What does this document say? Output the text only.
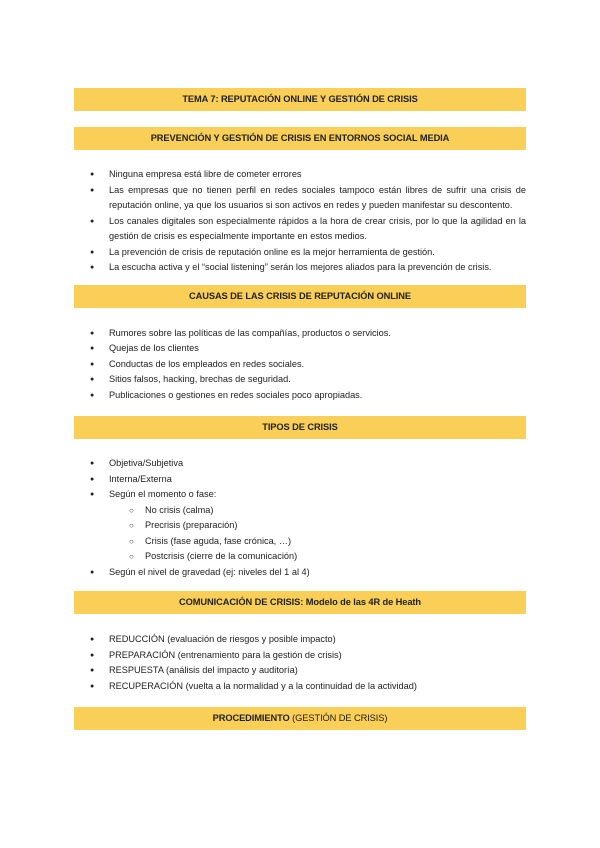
TEMA 7: REPUTACIÓN ONLINE Y GESTIÓN DE CRISIS
PREVENCIÓN Y GESTIÓN DE CRISIS EN ENTORNOS SOCIAL MEDIA
● Ninguna empresa está libre de cometer errores
● Las empresas que no tienen perfil en redes sociales tampoco están libres de sufrir una crisis de reputación online, ya que los usuarios si son activos en redes y pueden manifestar su descontento.
● Los canales digitales son especialmente rápidos a la hora de crear crisis, por lo que la agilidad en la gestión de crisis es especialmente importante en estos medios.
● La prevención de crisis de reputación online es la mejor herramienta de gestión.
● La escucha activa y el “social listening” serán los mejores aliados para la prevención de crisis.
CAUSAS DE LAS CRISIS DE REPUTACIÓN ONLINE
● Rumores sobre las políticas de las compañías, productos o servicios.
● Quejas de los clientes
● Conductas de los empleados en redes sociales.
● Sitios falsos, hacking, brechas de seguridad.
● Publicaciones o gestiones en redes sociales poco apropiadas.
TIPOS DE CRISIS
● Objetiva/Subjetiva
● Interna/Externa
● Según el momento o fase:
○ No crisis (calma)
○ Precrisis (preparación)
○ Crisis (fase aguda, fase crónica, …)
○ Postcrisis (cierre de la comunicación)
● Según el nivel de gravedad (ej: niveles del 1 al 4)
COMUNICACIÓN DE CRISIS: Modelo de las 4R de Heath
● REDUCCIÓN (evaluación de riesgos y posible impacto)
● PREPARACIÓN (entrenamiento para la gestión de crisis)
● RESPUESTA (análisis del impacto y auditoría)
● RECUPERACIÓN (vuelta a la normalidad y a la continuidad de la actividad)
PROCEDIMIENTO (GESTIÓN DE CRISIS)
